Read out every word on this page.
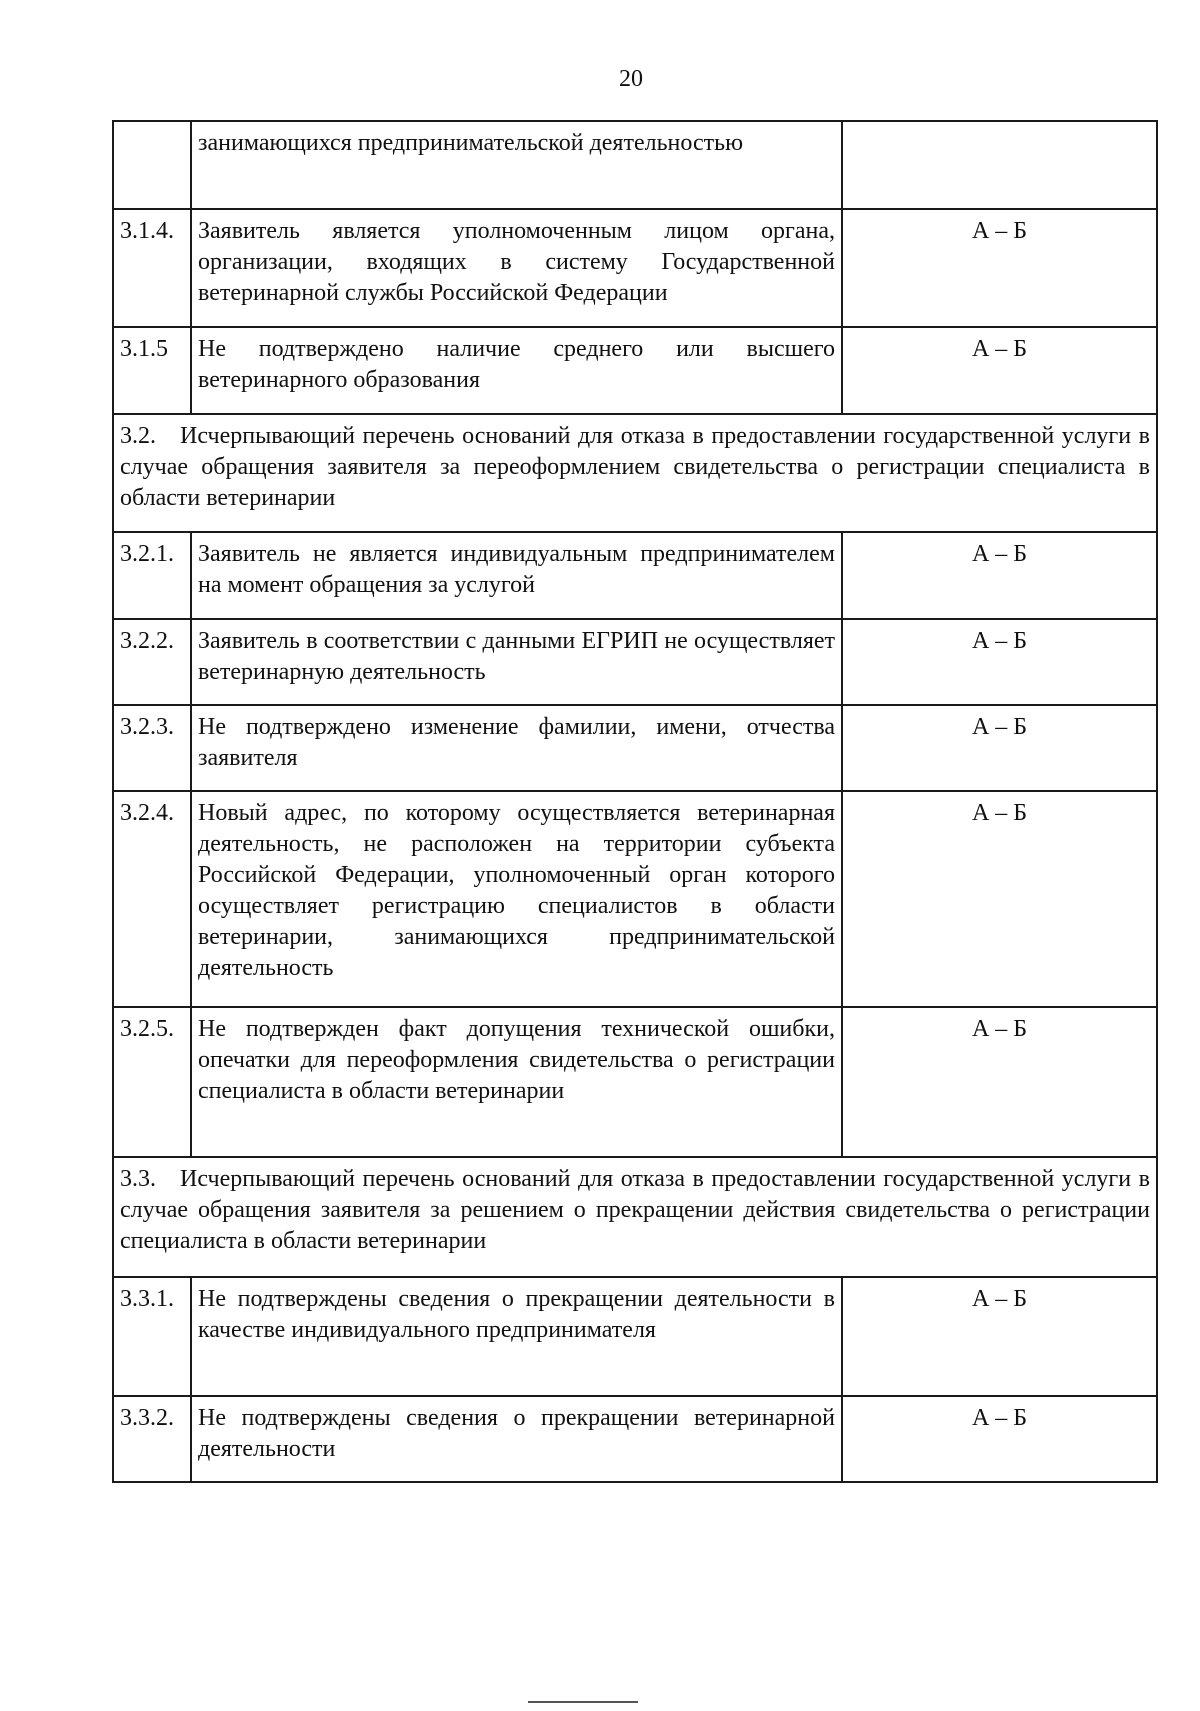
20
	занимающихся предпринимательской деятельностью	
3.1.4.	Заявитель является уполномоченным лицом органа, организации, входящих в систему Государственной ветеринарной службы Российской Федерации	А – Б
3.1.5	Не подтверждено наличие среднего или высшего ветеринарного образования	А – Б
3.2. Исчерпывающий перечень оснований для отказа в предоставлении государственной услуги в случае обращения заявителя за переоформлением свидетельства о регистрации специалиста в области ветеринарии		
3.2.1.	Заявитель не является индивидуальным предпринимателем на момент обращения за услугой	А – Б
3.2.2.	Заявитель в соответствии с данными ЕГРИП не осуществляет ветеринарную деятельность	А – Б
3.2.3.	Не подтверждено изменение фамилии, имени, отчества заявителя	А – Б
3.2.4.	Новый адрес, по которому осуществляется ветеринарная деятельность, не расположен на территории субъекта Российской Федерации, уполномоченный орган которого осуществляет регистрацию специалистов в области ветеринарии, занимающихся предпринимательской деятельность	А – Б
3.2.5.	Не подтвержден факт допущения технической ошибки, опечатки для переоформления свидетельства о регистрации специалиста в области ветеринарии	А – Б
3.3. Исчерпывающий перечень оснований для отказа в предоставлении государственной услуги в случае обращения заявителя за решением о прекращении действия свидетельства о регистрации специалиста в области ветеринарии		
3.3.1.	Не подтверждены сведения о прекращении деятельности в качестве индивидуального предпринимателя	А – Б
3.3.2.	Не подтверждены сведения о прекращении ветеринарной деятельности	А – Б
